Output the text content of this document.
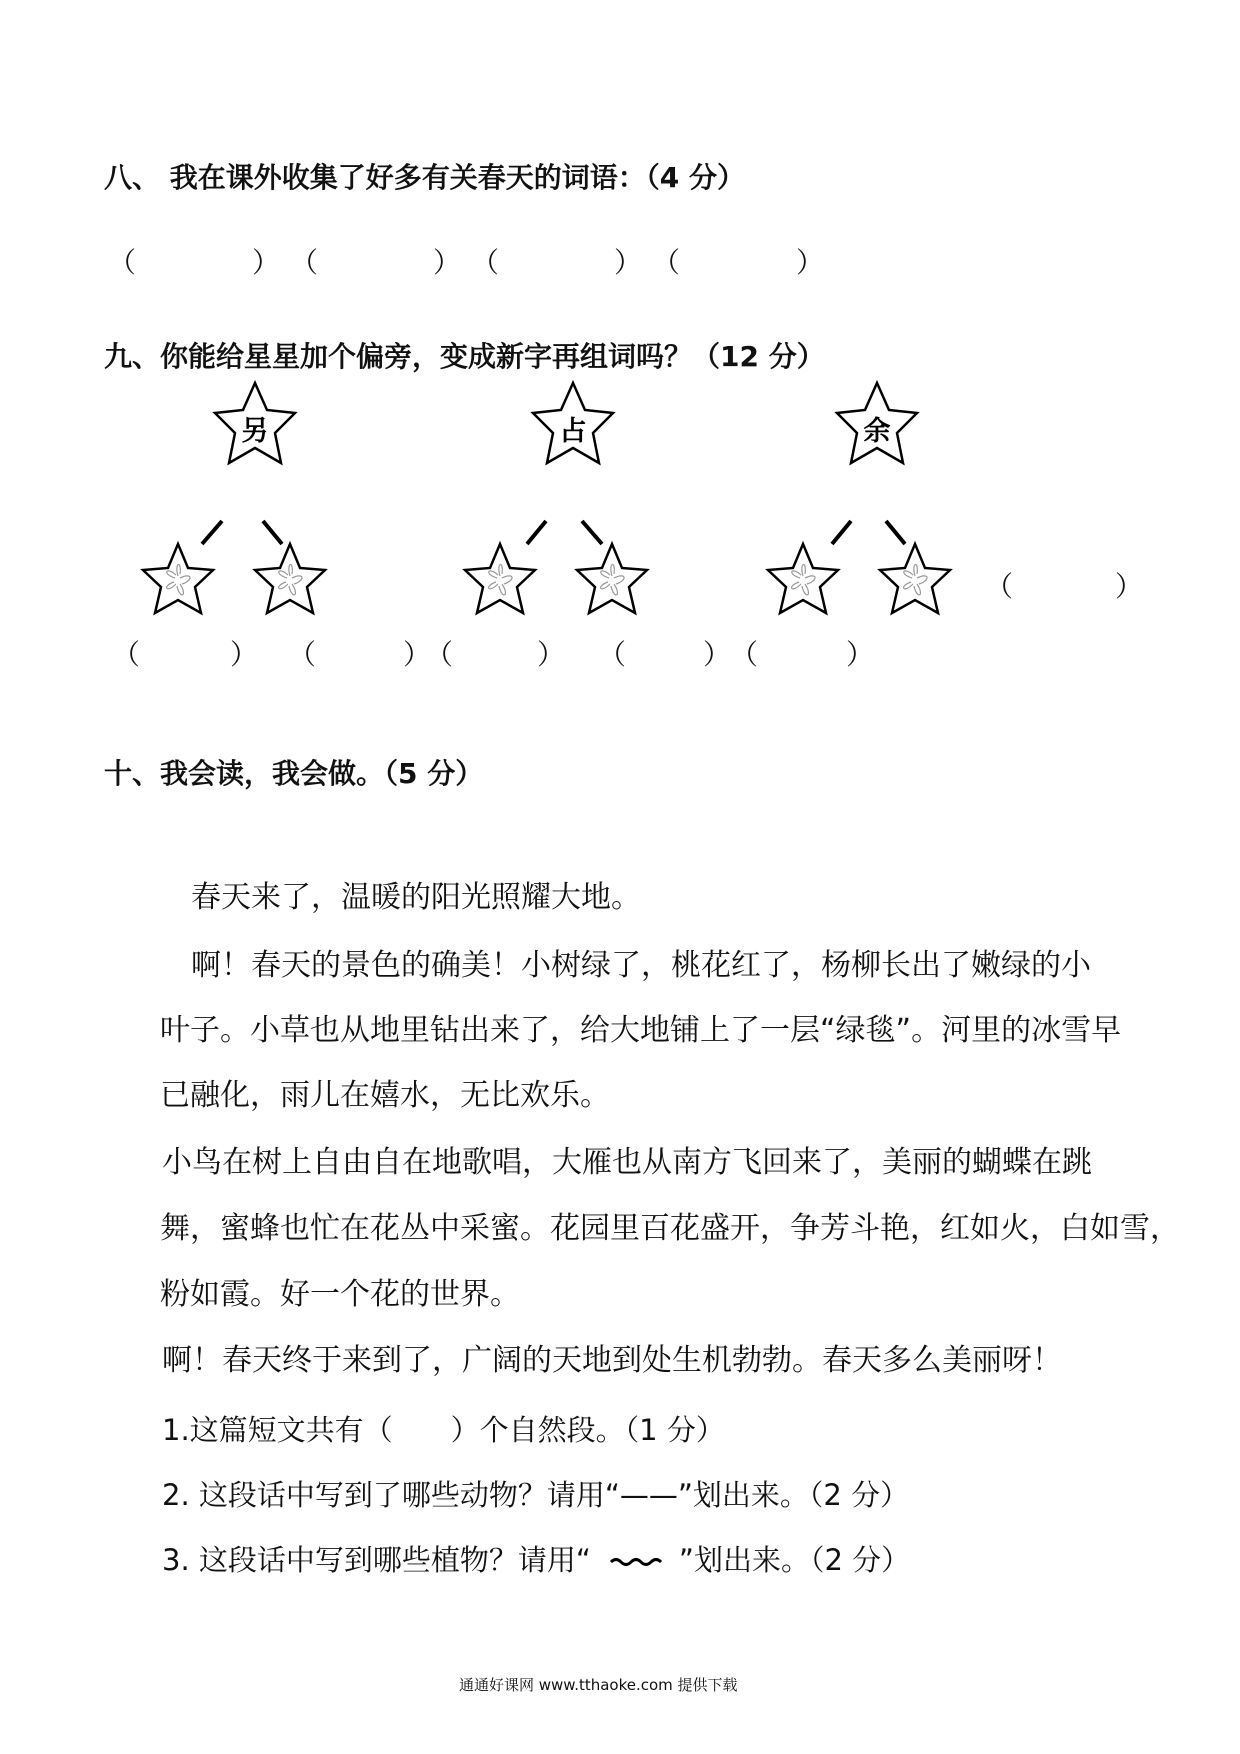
八、 我在课外收集了好多有关春天的词语：（4 分）
（	） （	） （	） （	）
九、你能给星星加个偏旁，变成新字再组词吗？（12 分）
另	占	余
（	）
（	） （	）
（	） （	）
（	）
十、我会读，我会做。（5 分）
春天来了，温暖的阳光照耀大地。
啊！春天的景色的确美！小树绿了，桃花红了，杨柳长出了嫩绿的小
叶子。小草也从地里钻出来了，给大地铺上了一层“绿毯”。河里的冰雪早
已融化，雨儿在嬉水，无比欢乐。
小鸟在树上自由自在地歌唱，大雁也从南方飞回来了，美丽的蝴蝶在跳
舞，蜜蜂也忙在花丛中采蜜。花园里百花盛开，争芳斗艳，红如火，白如雪，
粉如霞。好一个花的世界。
啊！春天终于来到了，广阔的天地到处生机勃勃。春天多么美丽呀！
1.这篇短文共有（　　）个自然段。（1 分）
2. 这段话中写到了哪些动物？请用“——”划出来。（2 分）
3. 这段话中写到哪些植物？请用“	”划出来。（2 分）
通通好课网 www.tthaoke.com 提供下载
